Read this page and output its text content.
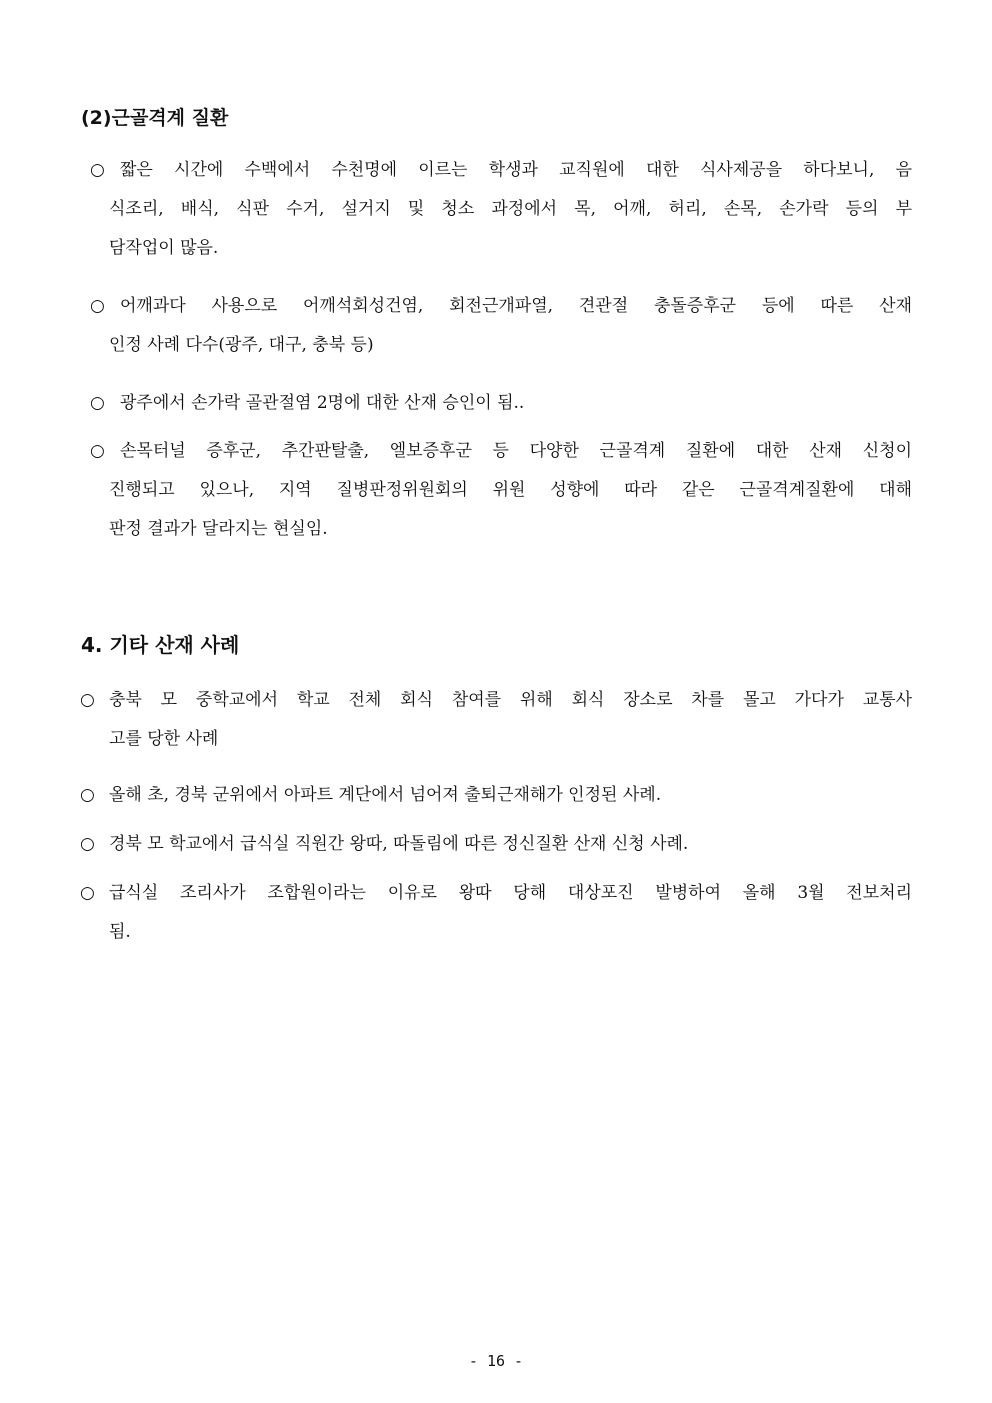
(2)근골격계 질환
○ 짧은 시간에 수백에서 수천명에 이르는 학생과 교직원에 대한 식사제공을 하다보니, 음
식조리, 배식, 식판 수거, 설거지 및 청소 과정에서 목, 어깨, 허리, 손목, 손가락 등의 부
담작업이 많음.
○ 어깨과다 사용으로 어깨석회성건염, 회전근개파열, 견관절 충돌증후군 등에 따른 산재
인정 사례 다수(광주, 대구, 충북 등)
○ 광주에서 손가락 골관절염 2명에 대한 산재 승인이 됨..
○ 손목터널 증후군, 추간판탈출, 엘보증후군 등 다양한 근골격계 질환에 대한 산재 신청이
진행되고 있으나, 지역 질병판정위원회의 위원 성향에 따라 같은 근골격계질환에 대해
판정 결과가 달라지는 현실임.
4. 기타 산재 사례
○ 충북 모 중학교에서 학교 전체 회식 참여를 위해 회식 장소로 차를 몰고 가다가 교통사
고를 당한 사례
○ 올해 초, 경북 군위에서 아파트 계단에서 넘어져 출퇴근재해가 인정된 사례.
○ 경북 모 학교에서 급식실 직원간 왕따, 따돌림에 따른 정신질환 산재 신청 사례.
○ 급식실 조리사가 조합원이라는 이유로 왕따 당해 대상포진 발병하여 올해 3월 전보처리
됨.
- 16 -
